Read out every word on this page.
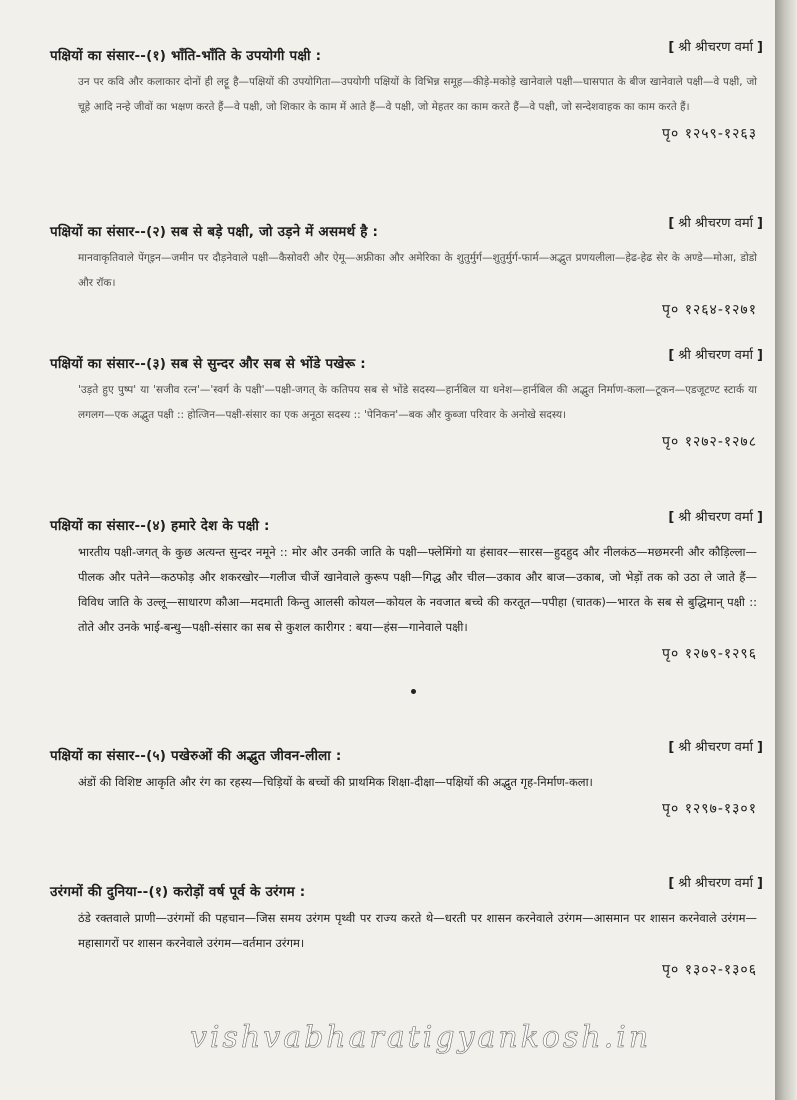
पक्षियों का संसार--(१) भाँति-भाँति के उपयोगी पक्षी :
[ श्री श्रीचरण वर्मा ]
उन पर कवि और कलाकार दोनों ही लट्टू है—पक्षियों की उपयोगिता—उपयोगी पक्षियों के विभिन्न समूह—कीड़े-मकोड़े खानेवाले पक्षी—घासपात के बीज खानेवाले पक्षी—वे पक्षी, जो चूहे आदि नन्हे जीवों का भक्षण करते हैं—वे पक्षी, जो शिकार के काम में आते हैं—वे पक्षी, जो मेहतर का काम करते हैं—वे पक्षी, जो सन्देशवाहक का काम करते हैं।
पृ० १२५९-१२६३
पक्षियों का संसार--(२) सब से बड़े पक्षी, जो उड़ने में असमर्थ है :
[ श्री श्रीचरण वर्मा ]
मानवाकृतिवाले पेंग्इन—जमीन पर दौड़नेवाले पक्षी—कैसोवरी और ऐमू—अफ्रीका और अमेरिका के शुतुर्मुर्ग—शुतुर्मुर्ग-फार्म—अद्भुत प्रणयलीला—हेढ-हेढ सेर के अण्डे—मोआ, डोडो और रॉक।
पृ० १२६४-१२७१
पक्षियों का संसार--(३) सब से सुन्दर और सब से भोंडे पखेरू :
[ श्री श्रीचरण वर्मा ]
'उड़ते हुए पुष्प' या 'सजीव रत्न'—'स्वर्ग के पक्षी'—पक्षी-जगत् के कतिपय सब से भोंडे सदस्य—हार्नबिल या धनेश—हार्नबिल की अद्भुत निर्माण-कला—टूकन—एडजूटण्ट स्टार्क या लगलग—एक अद्भुत पक्षी :: होत्जिन—पक्षी-संसार का एक अनूठा सदस्य :: 'पेनिकन'—बक और कुब्जा परिवार के अनोखे सदस्य।
पृ० १२७२-१२७८
पक्षियों का संसार--(४) हमारे देश के पक्षी :
[ श्री श्रीचरण वर्मा ]
भारतीय पक्षी-जगत् के कुछ अत्यन्त सुन्दर नमूने :: मोर और उनकी जाति के पक्षी—फ्लेमिंगो या हंसावर—सारस—हुदहुद और नीलकंठ—मछमरनी और कौड़िल्ला—पीलक और पतेने—कठफोड़ और शकरखोर—गलीज चीजें खानेवाले कुरूप पक्षी—गिद्ध और चील—उकाव और बाज—उकाब, जो भेड़ों तक को उठा ले जाते हैं—विविध जाति के उल्लू—साधारण कौआ—मदमाती किन्तु आलसी कोयल—कोयल के नवजात बच्चे की करतूत—पपीहा (चातक)—भारत के सब से बुद्धिमान् पक्षी :: तोते और उनके भाई-बन्धु—पक्षी-संसार का सब से कुशल कारीगर : बया—हंस—गानेवाले पक्षी।
पृ० १२७९-१२९६
पक्षियों का संसार--(५) पखेरुओं की अद्भुत जीवन-लीला :
[ श्री श्रीचरण वर्मा ]
अंडों की विशिष्ट आकृति और रंग का रहस्य—चिड़ियों के बच्चों की प्राथमिक शिक्षा-दीक्षा—पक्षियों की अद्भुत गृह-निर्माण-कला।
पृ० १२९७-१३०१
उरंगमों की दुनिया--(१) करोड़ों वर्ष पूर्व के उरंगम :
[ श्री श्रीचरण वर्मा ]
ठंडे रक्तवाले प्राणी—उरंगमों की पहचान—जिस समय उरंगम पृथ्वी पर राज्य करते थे—धरती पर शासन करनेवाले उरंगम—आसमान पर शासन करनेवाले उरंगम—महासागरों पर शासन करनेवाले उरंगम—वर्तमान उरंगम।
पृ० १३०२-१३०६
vishvabharatigyankosh.in
